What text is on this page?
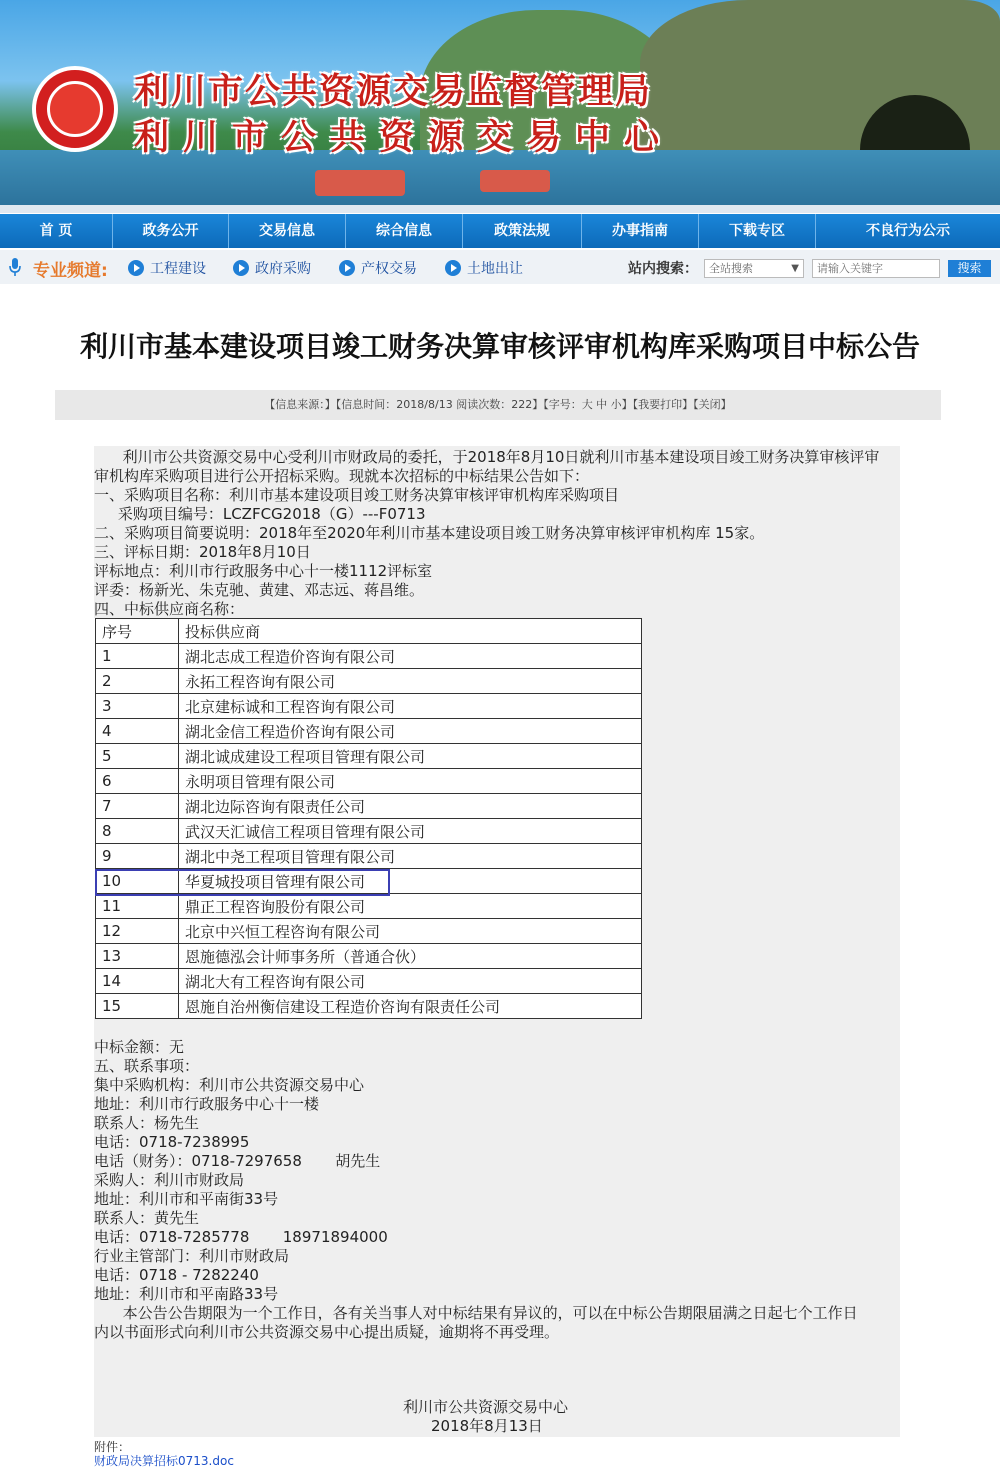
利川市公共资源交易监督管理局
利川市公共资源交易中心
首 页	政务公开	交易信息	综合信息	政策法规	办事指南	下载专区	不良行为公示
专业频道:	工程建设	政府采购	产权交易	土地出让	站内搜索：	全站搜索	▼
请输入关键字	搜索
利川市基本建设项目竣工财务决算审核评审机构库采购项目中标公告
【信息来源：】【信息时间：2018/8/13 阅读次数：222】【字号：大 中 小】【我要打印】【关闭】
利川市公共资源交易中心受利川市财政局的委托，于2018年8月10日就利川市基本建设项目竣工财务决算审核评审
审机构库采购项目进行公开招标采购。现就本次招标的中标结果公告如下：
一、采购项目名称：利川市基本建设项目竣工财务决算审核评审机构库采购项目
采购项目编号：LCZFCG2018（G）---F0713
二、采购项目简要说明：2018年至2020年利川市基本建设项目竣工财务决算审核评审机构库 15家。
三、评标日期：2018年8月10日
评标地点：利川市行政服务中心十一楼1112评标室
评委：杨新光、朱克驰、黄建、邓志远、蒋昌维。
四、中标供应商名称：
序号	投标供应商
1	湖北志成工程造价咨询有限公司
2	永拓工程咨询有限公司
3	北京建标诚和工程咨询有限公司
4	湖北金信工程造价咨询有限公司
5	湖北诚成建设工程项目管理有限公司
6	永明项目管理有限公司
7	湖北边际咨询有限责任公司
8	武汉天汇诚信工程项目管理有限公司
9	湖北中尧工程项目管理有限公司
10	华夏城投项目管理有限公司
11	鼎正工程咨询股份有限公司
12	北京中兴恒工程咨询有限公司
13	恩施德泓会计师事务所（普通合伙）
14	湖北大有工程咨询有限公司
15	恩施自治州衡信建设工程造价咨询有限责任公司
中标金额：无
五、联系事项：
集中采购机构：利川市公共资源交易中心
地址：利川市行政服务中心十一楼
联系人：杨先生
电话：0718-7238995
电话（财务）：0718-7297658       胡先生
采购人：利川市财政局
地址：利川市和平南街33号
联系人：黄先生
电话：0718-7285778       18971894000
行业主管部门：利川市财政局
电话：0718 - 7282240
地址：利川市和平南路33号
本公告公告期限为一个工作日，各有关当事人对中标结果有异议的，可以在中标公告期限届满之日起七个工作日
内以书面形式向利川市公共资源交易中心提出质疑，逾期将不再受理。
利川市公共资源交易中心
2018年8月13日
附件：
财政局决算招标0713.doc
